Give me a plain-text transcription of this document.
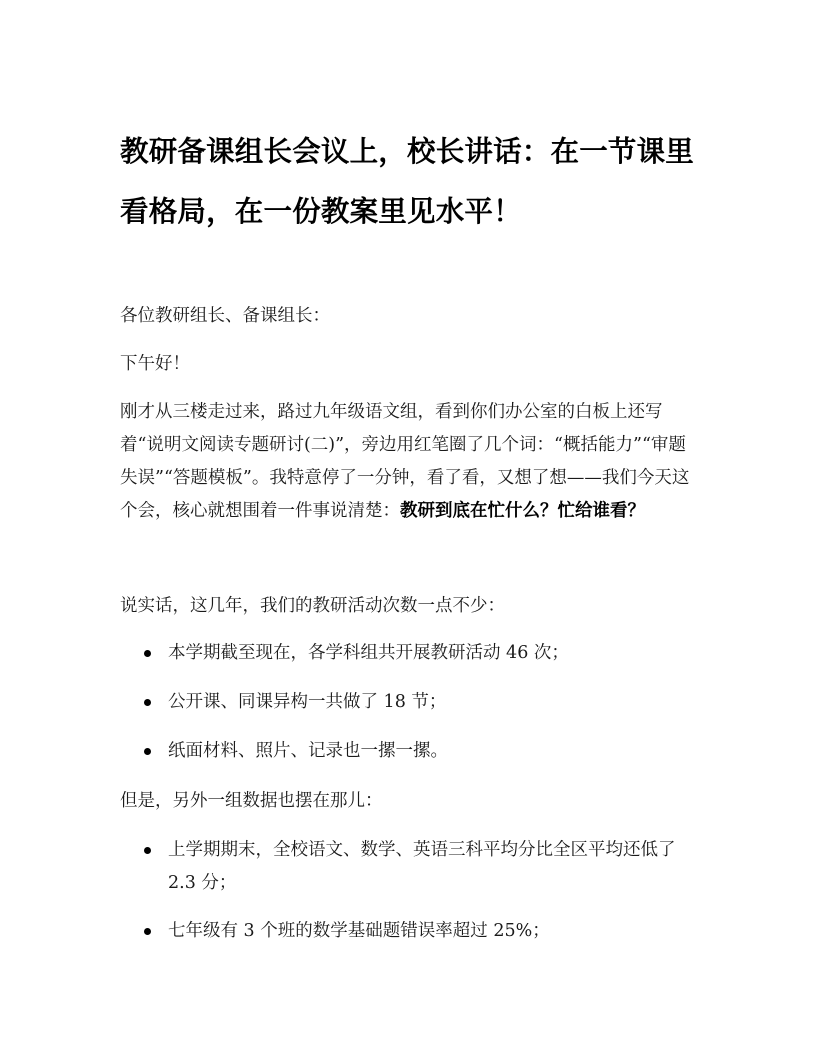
教研备课组长会议上，校长讲话：在一节课里看格局，在一份教案里见水平！

各位教研组长、备课组长：

下午好！

刚才从三楼走过来，路过九年级语文组，看到你们办公室的白板上还写着“说明文阅读专题研讨(二)”，旁边用红笔圈了几个词：“概括能力”“审题失误”“答题模板”。我特意停了一分钟，看了看，又想了想——我们今天这个会，核心就想围着一件事说清楚：教研到底在忙什么？忙给谁看？

说实话，这几年，我们的教研活动次数一点不少：

本学期截至现在，各学科组共开展教研活动 46 次；
公开课、同课异构一共做了 18 节；
纸面材料、照片、记录也一摞一摞。

但是，另外一组数据也摆在那儿：

上学期期末，全校语文、数学、英语三科平均分比全区平均还低了 2.3 分；
七年级有 3 个班的数学基础题错误率超过 25%；
